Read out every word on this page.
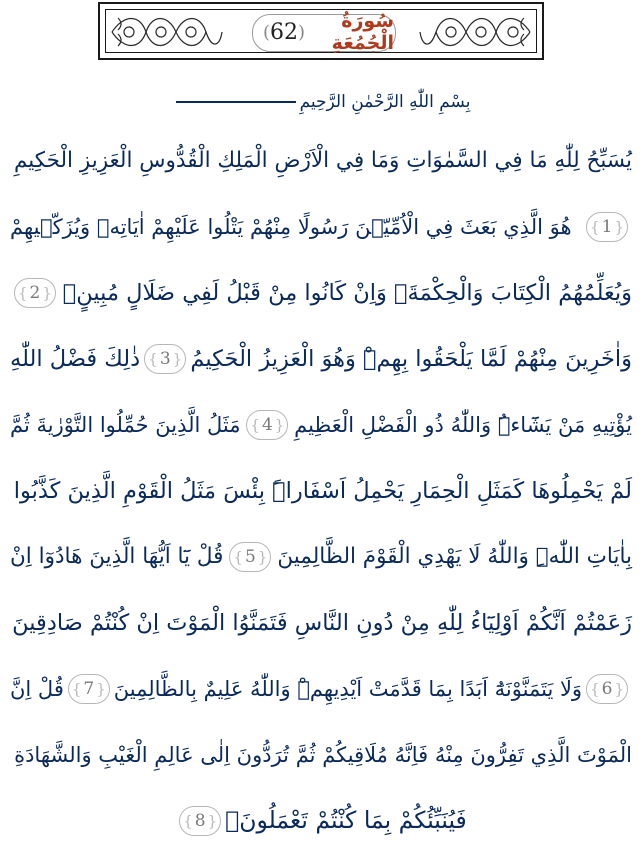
(
62
)	سُورَةُ الْجُمُعَةِ
بِسْمِ اللّٰهِ الرَّحْمٰنِ الرَّحِيمِ
يُسَبِّحُ لِلّٰهِ مَا فِي السَّمٰوَاتِ وَمَا فِي الْاَرْضِ الْمَلِكِ الْقُدُّوسِ الْعَزِيزِ الْحَكِيمِ
{ 1 }
هُوَ الَّذِي بَعَثَ فِي الْاُمِّيّٖنَ رَسُولًا مِنْهُمْ يَتْلُوا عَلَيْهِمْ اٰيَاتِهٖ وَيُزَكّٖيهِمْ
وَيُعَلِّمُهُمُ الْكِتَابَ وَالْحِكْمَةَۗ وَاِنْ كَانُوا مِنْ قَبْلُ لَفِي ضَلَالٍ مُبِينٍۙ
{ 2 }
وَاٰخَرِينَ مِنْهُمْ لَمَّا يَلْحَقُوا بِهِمْۜ وَهُوَ الْعَزِيزُ الْحَكِيمُ
{ 3 }
ذٰلِكَ فَضْلُ اللّٰهِ
يُؤْتِيهِ مَنْ يَشَٓاءُۜ وَاللّٰهُ ذُو الْفَضْلِ الْعَظِيمِ
{ 4 }
مَثَلُ الَّذِينَ حُمِّلُوا التَّوْرٰيةَ ثُمَّ
لَمْ يَحْمِلُوهَا كَمَثَلِ الْحِمَارِ يَحْمِلُ اَسْفَاراًۜ بِئْسَ مَثَلُ الْقَوْمِ الَّذِينَ كَذَّبُوا
بِاٰيَاتِ اللّٰهِۜ وَاللّٰهُ لَا يَهْدِي الْقَوْمَ الظَّالِمِينَ
{ 5 }
قُلْ يَٓا اَيُّهَا الَّذِينَ هَادُوٓا اِنْ
زَعَمْتُمْ اَنَّكُمْ اَوْلِيَٓاءُ لِلّٰهِ مِنْ دُونِ النَّاسِ فَتَمَنَّوُا الْمَوْتَ اِنْ كُنْتُمْ صَادِقِينَ
{ 6 }
وَلَا يَتَمَنَّوْنَهُٓ اَبَدًا بِمَا قَدَّمَتْ اَيْدِيهِمْۜ وَاللّٰهُ عَلِيمٌ بِالظَّالِمِينَ
{ 7 }
قُلْ اِنَّ
الْمَوْتَ الَّذِي تَفِرُّونَ مِنْهُ فَاِنَّهُ مُلَاقِيكُمْ ثُمَّ تُرَدُّونَ اِلٰى عَالِمِ الْغَيْبِ وَالشَّهَادَةِ
فَيُنَبِّئُكُمْ بِمَا كُنْتُمْ تَعْمَلُونَ۟
{ 8 }
